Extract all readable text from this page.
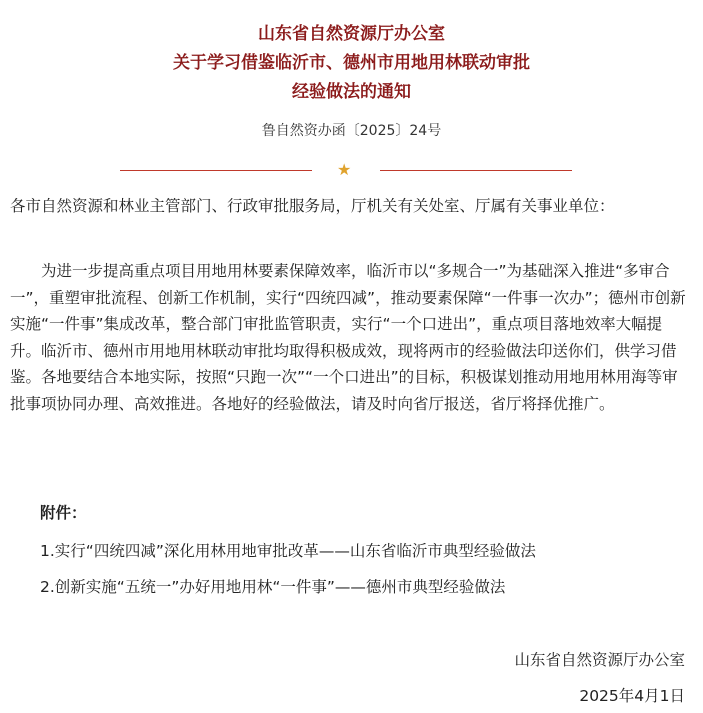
山东省自然资源厅办公室
关于学习借鉴临沂市、德州市用地用林联动审批
经验做法的通知
鲁自然资办函〔2025〕24号
★
各市自然资源和林业主管部门、行政审批服务局，厅机关有关处室、厅属有关事业单位：
为进一步提高重点项目用地用林要素保障效率，临沂市以“多规合一”为基础深入推进“多审合一”，重塑审批流程、创新工作机制，实行“四统四减”，推动要素保障“一件事一次办”；德州市创新实施“一件事”集成改革，整合部门审批监管职责，实行“一个口进出”，重点项目落地效率大幅提升。临沂市、德州市用地用林联动审批均取得积极成效，现将两市的经验做法印送你们，供学习借鉴。各地要结合本地实际，按照“只跑一次”“一个口进出”的目标，积极谋划推动用地用林用海等审批事项协同办理、高效推进。各地好的经验做法，请及时向省厅报送，省厅将择优推广。
附件：
1.实行“四统四减”深化用林用地审批改革——山东省临沂市典型经验做法
2.创新实施“五统一”办好用地用林“一件事”——德州市典型经验做法
山东省自然资源厅办公室
2025年4月1日
